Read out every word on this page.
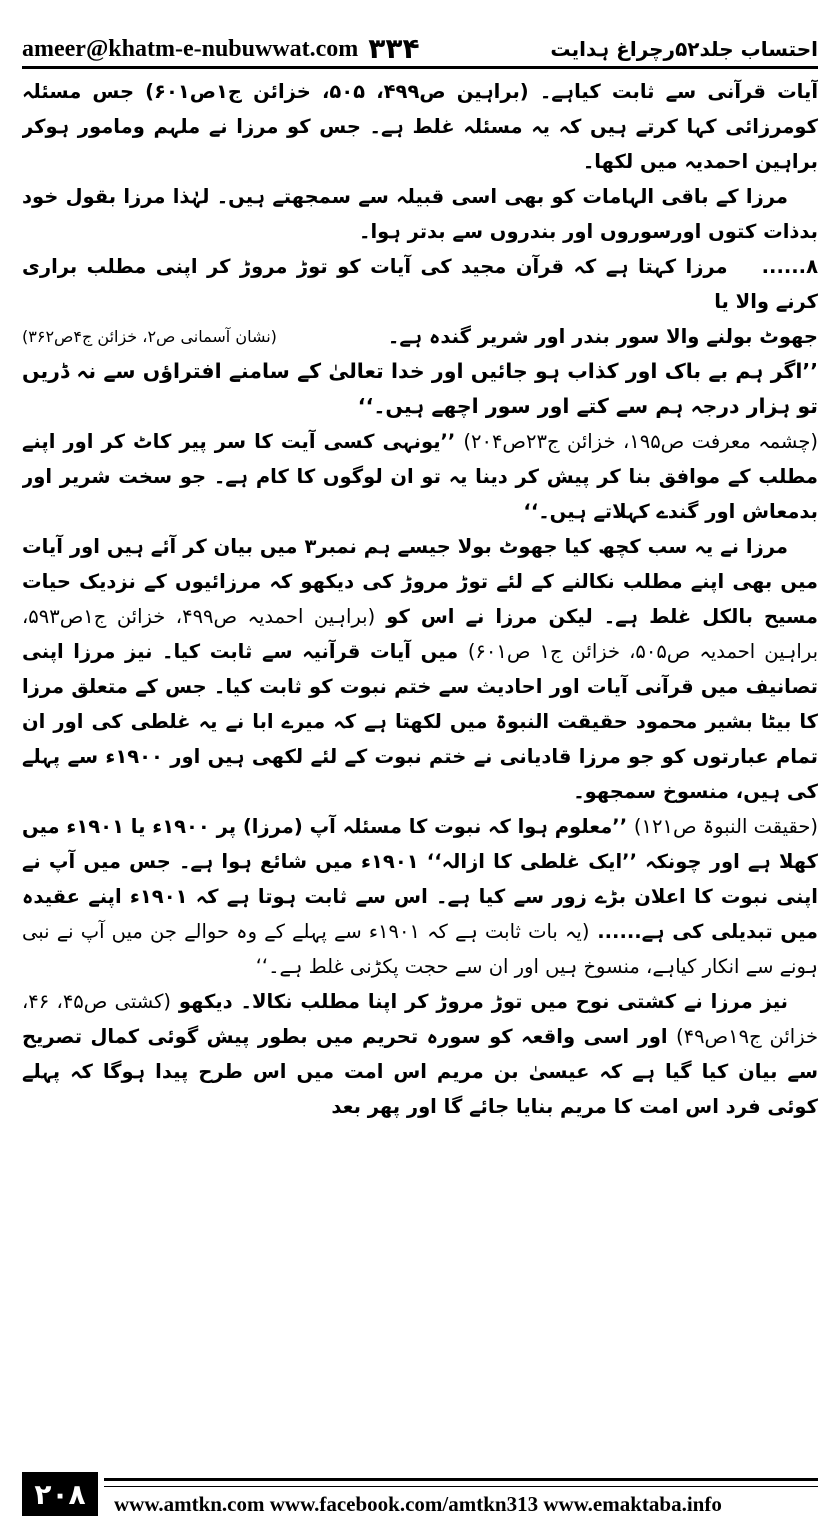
ameer@khatm-e-nubuwwat.com ۳۳۴	احتساب جلد۵۲رچراغ ہدایت

آیات قرآنی سے ثابت کیاہے۔ (براہین ص۴۹۹، ۵۰۵، خزائن ج۱ص۶۰۱) جس مسئلہ کومرزائی کہا کرتے ہیں کہ یہ مسئلہ غلط ہے۔ جس کو مرزا نے ملہم ومامور ہوکر براہین احمدیہ میں لکھا۔

مرزا کے باقی الہامات کو بھی اسی قبیلہ سے سمجھتے ہیں۔ لہٰذا مرزا بقول خود بدذات کتوں اورسوروں اور بندروں سے بدتر ہوا۔

۸......مرزا کہتا ہے کہ قرآن مجید کی آیات کو توڑ مروڑ کر اپنی مطلب براری کرنے والا یا

جھوٹ بولنے والا سور بندر اور شریر گندہ ہے۔
(نشان آسمانی ص۲، خزائن ج۴ص۳۶۲)

’’اگر ہم بے باک اور کذاب ہو جائیں اور خدا تعالیٰ کے سامنے افتراؤں سے نہ ڈریں تو ہزار درجہ ہم سے کتے اور سور اچھے ہیں۔‘‘

(چشمہ معرفت ص۱۹۵، خزائن ج۲۳ص۲۰۴) ’’یونہی کسی آیت کا سر پیر کاٹ کر اور اپنے مطلب کے موافق بنا کر پیش کر دینا یہ تو ان لوگوں کا کام ہے۔ جو سخت شریر اور بدمعاش اور گندے کہلاتے ہیں۔‘‘

مرزا نے یہ سب کچھ کیا جھوٹ بولا جیسے ہم نمبر۳ میں بیان کر آئے ہیں اور آیات میں بھی اپنے مطلب نکالنے کے لئے توڑ مروڑ کی دیکھو کہ مرزائیوں کے نزدیک حیات مسیح بالکل غلط ہے۔ لیکن مرزا نے اس کو (براہین احمدیہ ص۴۹۹، خزائن ج۱ص۵۹۳، براہین احمدیہ ص۵۰۵، خزائن ج۱ ص۶۰۱) میں آیات قرآنیہ سے ثابت کیا۔ نیز مرزا اپنی تصانیف میں قرآنی آیات اور احادیث سے ختم نبوت کو ثابت کیا۔ جس کے متعلق مرزا کا بیٹا بشیر محمود حقیقت النبوۃ میں لکھتا ہے کہ میرے ابا نے یہ غلطی کی اور ان تمام عبارتوں کو جو مرزا قادیانی نے ختم نبوت کے لئے لکھی ہیں اور ۱۹۰۰ء سے پہلے کی ہیں، منسوخ سمجھو۔

(حقیقت النبوۃ ص۱۲۱) ’’معلوم ہوا کہ نبوت کا مسئلہ آپ (مرزا) پر ۱۹۰۰ء یا ۱۹۰۱ء میں کھلا ہے اور چونکہ ’’ایک غلطی کا ازالہ‘‘ ۱۹۰۱ء میں شائع ہوا ہے۔ جس میں آپ نے اپنی نبوت کا اعلان بڑے زور سے کیا ہے۔ اس سے ثابت ہوتا ہے کہ ۱۹۰۱ء اپنے عقیدہ میں تبدیلی کی ہے...... (یہ بات ثابت ہے کہ ۱۹۰۱ء سے پہلے کے وہ حوالے جن میں آپ نے نبی ہونے سے انکار کیاہے، منسوخ ہیں اور ان سے حجت پکڑنی غلط ہے۔‘‘

نیز مرزا نے کشتی نوح میں توڑ مروڑ کر اپنا مطلب نکالا۔ دیکھو (کشتی ص۴۵، ۴۶، خزائن ج۱۹ص۴۹) اور اسی واقعہ کو سورہ تحریم میں بطور پیش گوئی کمال تصریح سے بیان کیا گیا ہے کہ عیسیٰ بن مریم اس امت میں اس طرح پیدا ہوگا کہ پہلے کوئی فرد اس امت کا مریم بنایا جائے گا اور پھر بعد

۲۰۸	www.amtkn.com www.facebook.com/amtkn313 www.emaktaba.info
